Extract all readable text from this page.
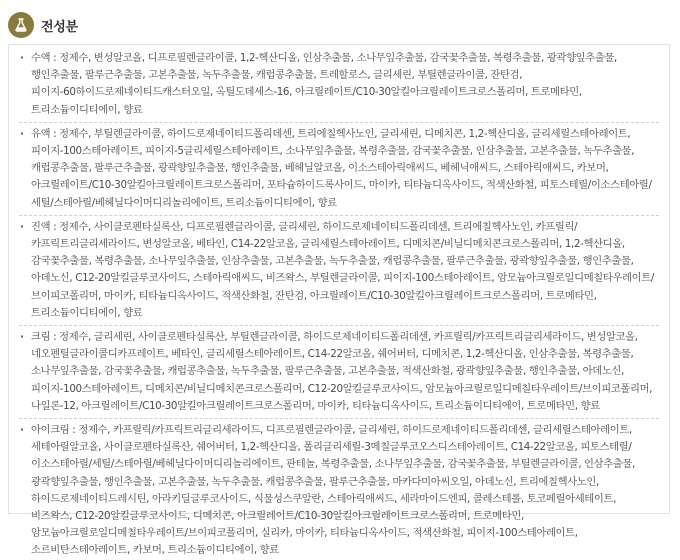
전성분
· 수액 : 정제수, 변성알코올, 디프로필렌글라이콜, 1,2-헥산디올, 인삼추출물, 소나무잎추출물, 감국꽃추출물, 복령추출물, 광곽향잎추출물, 행인추출물, 팔루근추출물, 고본추출물, 녹두추출물, 캐럽콩추출물, 트레할로스, 글리세린, 부틸렌글라이콜, 잔탄검, 피이지-60하이드로제네이티드캐스터오일, 옥틸도데세스-16, 아크릴레이트/C10-30알킬아크릴레이트크로스폴리머, 트로메타민, 트리소듐이디티에이, 향료
· 유액 : 정제수, 부틸렌글라이콜, 하이드로제네이티드폴리데센, 트리에칠헥사노인, 글리세린, 디메치콘, 1,2-헥산디올, 글리세릴스테아레이트, 피이지-100스테아레이트, 피이지-5글리세릴스테아레이트, 소나무잎추출물, 복령추출물, 감국꽃추출물, 인삼추출물, 고본추출물, 녹두추출물, 캐럽콩추출물, 팔루근추출물, 광곽향잎추출물, 행인추출물, 베헤닐알코올, 이소스테아릭애씨드, 베헤닉애씨드, 스테아릭애씨드, 카보머, 아크릴레이트/C10-30알킬아크릴레이트크로스폴리머, 포타슘하이드록사이드, 마이카, 티타늄디옥사이드, 적색산화철, 피토스테릴/이소스테아릴/세틸/스테아릴/베헤닐다이머디리놀리에이트, 트리소듐이디티에이, 향료
· 진액 : 정제수, 사이클로펜타실록산, 디프로필렌글라이콜, 글리세린, 하이드로제네이티드폴리데센, 트리에칠헥사노인, 카프릴릭/카프릭트리글리세라이드, 변성알코올, 베타인, C14-22알코올, 글리세릴스테아레이트, 디메치콘/비닐디메치콘크로스폴리머, 1,2-헥산디올, 감국꽃추출물, 복령추출물, 소나무잎추출물, 인삼추출물, 고본추출물, 녹두추출물, 캐럽콩추출물, 팔루근추출물, 광곽향잎추출물, 행인추출물, 아데노신, C12-20알킬글루코사이드, 스테아릭애씨드, 비즈왁스, 부틸렌글라이콜, 피이지-100스테아레이트, 암모늄아크릴로일디메칠타우레이트/브이피코폴리머, 마이카, 티타늄디옥사이드, 적색산화철, 잔탄검, 아크릴레이트/C10-30알킬아크릴레이트크로스폴리머, 트로메타민, 트리소듐이디티에이, 향료
· 크림 : 정제수, 글리세린, 사이클로펜타실록산, 부틸렌글라이콜, 하이드로제네이티드폴리데센, 카프릴릭/카프릭트리글리세라이드, 변성알코올, 네오펜틸글라이콜디카프레이트, 베타인, 글리세릴스테아레이트, C14-22알코올, 쉐어버터, 디메치콘, 1,2-헥산디올, 인삼추출물, 복령추출물, 소나무잎추출물, 감국꽃추출물, 캐럽콩추출물, 녹두추출물, 팔루근추출물, 고본추출물, 적색산화철, 광곽향잎추출물, 행인추출물, 아데노신, 피이지-100스테아레이트, 디메치콘/비닐디메치콘크로스폴리머, C12-20알킬글루코사이드, 암모늄아크릴로일디메칠타우레이트/브이피코폴리머, 나일론-12, 아크릴레이트/C10-30알킬아크릴레이트크로스폴리머, 마이카, 티타늄디옥사이드, 트리소듐이디티에이, 트로메타민, 향료
· 아이크림 : 정제수, 카프릴릭/카프릭트리글리세라이드, 디프로필렌글라이콜, 글리세린, 하이드로제네이티드폴리데센, 글리세릴스테아레이트, 세테아릴알코올, 사이클로펜타실록산, 쉐어버터, 1,2-헥산디올, 폴리글리세릴-3메칠글루코오스디스테아레이트, C14-22알코올, 피토스테릴/이소스테아릴/세틸/스테아릴/베헤닐다이머디리놀리에이트, 판테놀, 복령추출물, 소나무잎추출물, 감국꽃추출물, 부틸렌글라이콜, 인삼추출물, 광곽향잎추출물, 행인추출물, 고본추출물, 녹두추출물, 캐럽콩추출물, 팔루근추출물, 마카다미아씨오일, 아데노신, 트리에칠헥사노인, 하이드로제네이티드레시틴, 아라키딜글루코사이드, 식물성스쿠알란, 스테아릭애씨드, 세라마이드엔피, 콜레스테롤, 토코페릴아세테이트, 비즈왁스, C12-20알킬글루코사이드, 디메치콘, 아크릴레이트/C10-30알킬아크릴레이트크로스폴리머, 트로메타민, 암모늄아크릴로일디메칠타우레이트/브이피코폴리머, 실리카, 마이카, 티타늄디옥사이드, 적색산화철, 피이지-100스테아레이트, 소르비탄스테아레이트, 카보머, 트리소듐이디티에이, 향료
